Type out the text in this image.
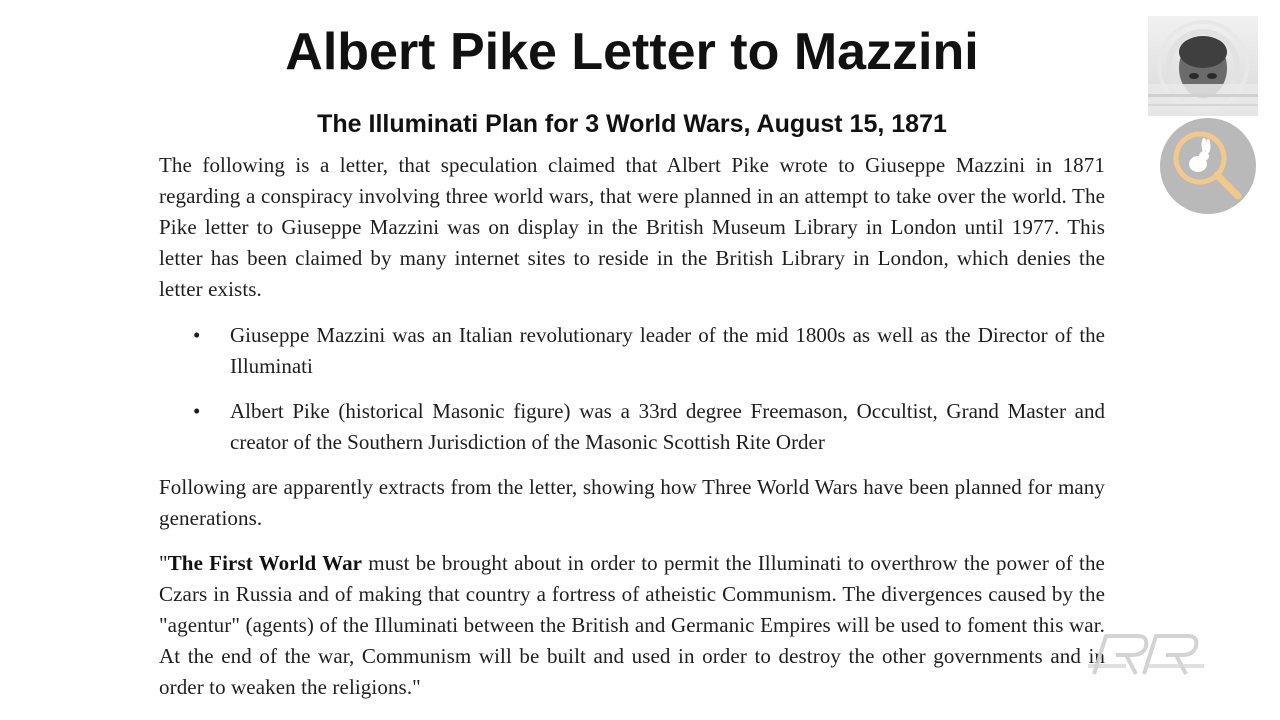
Albert Pike Letter to Mazzini
The Illuminati Plan for 3 World Wars, August 15, 1871

The following is a letter, that speculation claimed that Albert Pike wrote to Giuseppe Mazzini in 1871 regarding a conspiracy involving three world wars, that were planned in an attempt to take over the world. The Pike letter to Giuseppe Mazzini was on display in the British Museum Library in London until 1977. This letter has been claimed by many internet sites to reside in the British Library in London, which denies the letter exists.

• Giuseppe Mazzini was an Italian revolutionary leader of the mid 1800s as well as the Director of the Illuminati

• Albert Pike (historical Masonic figure) was a 33rd degree Freemason, Occultist, Grand Master and creator of the Southern Jurisdiction of the Masonic Scottish Rite Order

Following are apparently extracts from the letter, showing how Three World Wars have been planned for many generations.

"The First World War must be brought about in order to permit the Illuminati to overthrow the power of the Czars in Russia and of making that country a fortress of atheistic Communism. The divergences caused by the "agentur" (agents) of the Illuminati between the British and Germanic Empires will be used to foment this war. At the end of the war, Communism will be built and used in order to destroy the other governments and in order to weaken the religions."
